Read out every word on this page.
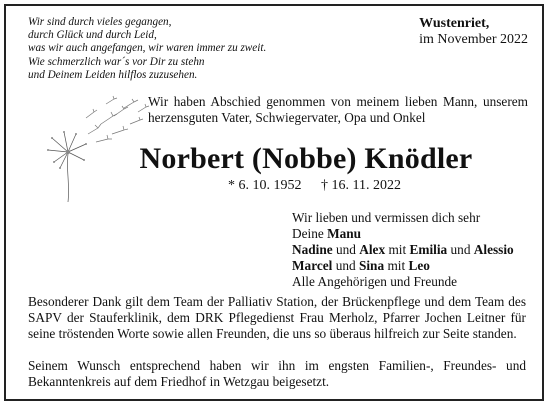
Wir sind durch vieles gegangen,
durch Glück und durch Leid,
was wir auch angefangen, wir waren immer zu zweit.
Wie schmerzlich war´s vor Dir zu stehn
und Deinem Leiden hilflos zuzusehen.
Wustenriet,
im November 2022
Wir haben Abschied genommen von meinem lieben Mann, unserem herzensguten Vater, Schwiegervater, Opa und Onkel
Norbert (Nobbe) Knödler
* 6. 10. 1952 † 16. 11. 2022
Wir lieben und vermissen dich sehr
Deine Manu
Nadine und Alex mit Emilia und Alessio
Marcel und Sina mit Leo
Alle Angehörigen und Freunde
Besonderer Dank gilt dem Team der Palliativ Station, der Brückenpflege und dem Team des SAPV der Stauferklinik, dem DRK Pflegedienst Frau Merholz, Pfarrer Jochen Leitner für seine tröstenden Worte sowie allen Freunden, die uns so überaus hilfreich zur Seite standen.
Seinem Wunsch entsprechend haben wir ihn im engsten Familien-, Freundes- und Bekanntenkreis auf dem Friedhof in Wetzgau beigesetzt.
